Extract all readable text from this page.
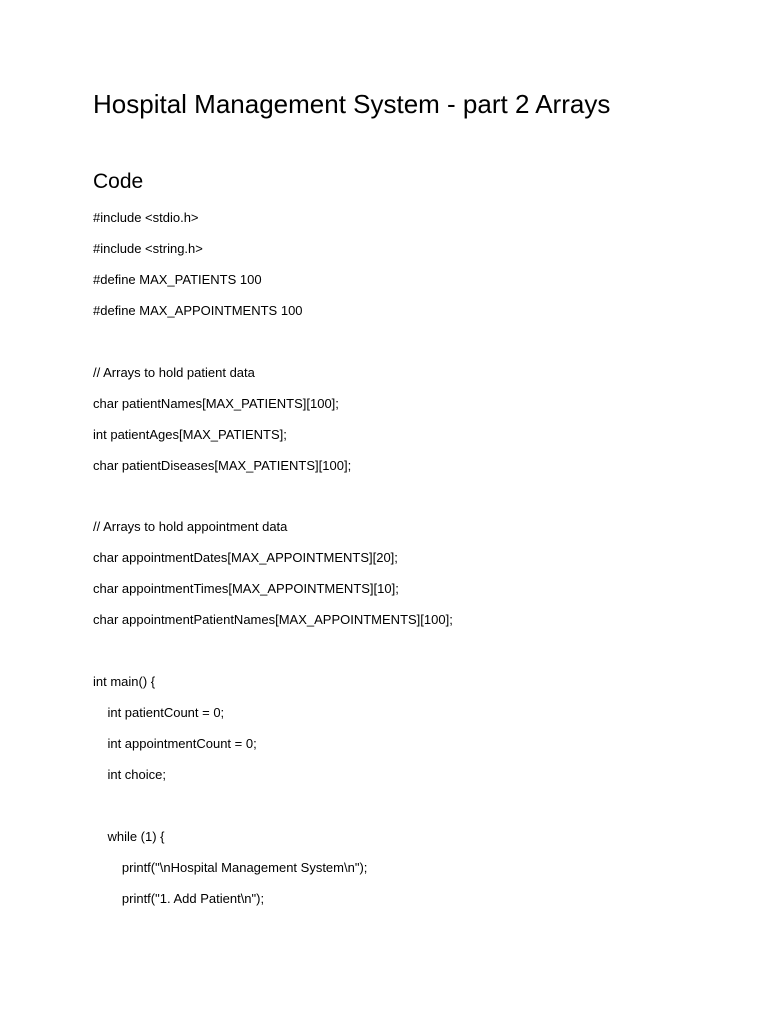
Hospital Management System - part 2 Arrays
Code
#include <stdio.h>
#include <string.h>
#define MAX_PATIENTS 100
#define MAX_APPOINTMENTS 100
// Arrays to hold patient data
char patientNames[MAX_PATIENTS][100];
int patientAges[MAX_PATIENTS];
char patientDiseases[MAX_PATIENTS][100];
// Arrays to hold appointment data
char appointmentDates[MAX_APPOINTMENTS][20];
char appointmentTimes[MAX_APPOINTMENTS][10];
char appointmentPatientNames[MAX_APPOINTMENTS][100];
int main() {
int patientCount = 0;
int appointmentCount = 0;
int choice;
while (1) {
printf("\nHospital Management System\n");
printf("1. Add Patient\n");
